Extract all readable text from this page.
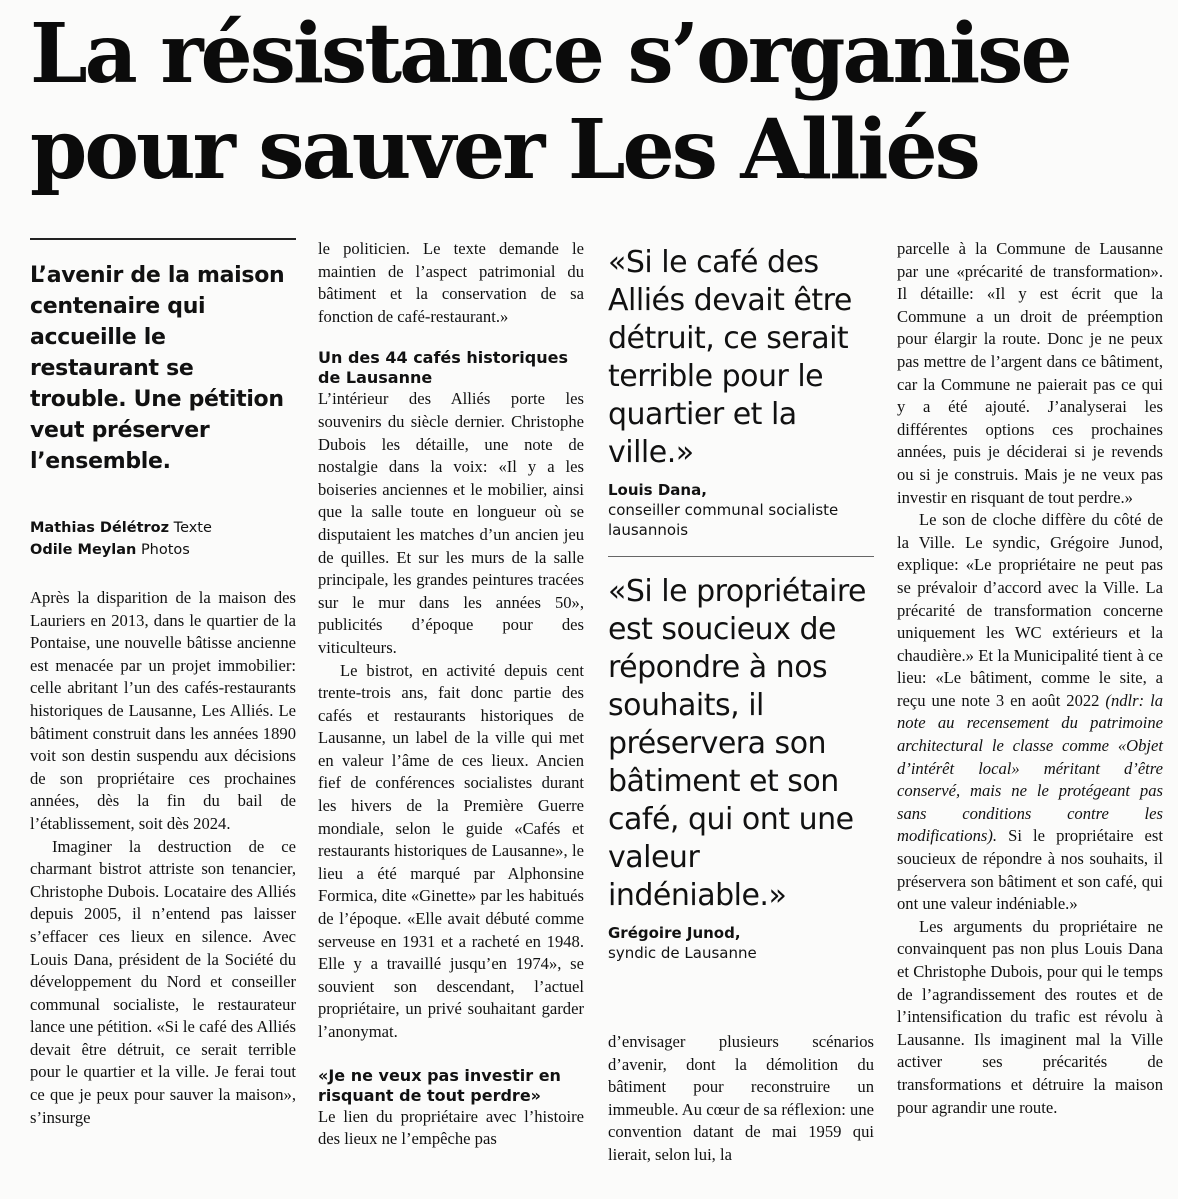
La résistance s’organise
pour sauver Les Alliés

L’avenir de la maison centenaire qui accueille le restaurant se trouble. Une pétition veut préserver l’ensemble.

Mathias Délétroz Texte
Odile Meylan Photos

Après la disparition de la maison des Lauriers en 2013, dans le quartier de la Pontaise, une nouvelle bâtisse ancienne est menacée par un projet immobilier: celle abritant l’un des cafés-restaurants historiques de Lausanne, Les Alliés. Le bâtiment construit dans les années 1890 voit son destin suspendu aux décisions de son propriétaire ces prochaines années, dès la fin du bail de l’établissement, soit dès 2024.

Imaginer la destruction de ce charmant bistrot attriste son tenancier, Christophe Dubois. Locataire des Alliés depuis 2005, il n’entend pas laisser s’effacer ces lieux en silence. Avec Louis Dana, président de la Société du développement du Nord et conseiller communal socialiste, le restaurateur lance une pétition. «Si le café des Alliés devait être détruit, ce serait terrible pour le quartier et la ville. Je ferai tout ce que je peux pour sauver la maison», s’insurge

le politicien. Le texte demande le maintien de l’aspect patrimonial du bâtiment et la conservation de sa fonction de café-restaurant.»

Un des 44 cafés historiques de Lausanne

L’intérieur des Alliés porte les souvenirs du siècle dernier. Christophe Dubois les détaille, une note de nostalgie dans la voix: «Il y a les boiseries anciennes et le mobilier, ainsi que la salle toute en longueur où se disputaient les matches d’un ancien jeu de quilles. Et sur les murs de la salle principale, les grandes peintures tracées sur le mur dans les années 50», publicités d’époque pour des viticulteurs.

Le bistrot, en activité depuis cent trente-trois ans, fait donc partie des cafés et restaurants historiques de Lausanne, un label de la ville qui met en valeur l’âme de ces lieux. Ancien fief de conférences socialistes durant les hivers de la Première Guerre mondiale, selon le guide «Cafés et restaurants historiques de Lausanne», le lieu a été marqué par Alphonsine Formica, dite «Ginette» par les habitués de l’époque. «Elle avait débuté comme serveuse en 1931 et a racheté en 1948. Elle y a travaillé jusqu’en 1974», se souvient son descendant, l’actuel propriétaire, un privé souhaitant garder l’anonymat.

«Je ne veux pas investir en risquant de tout perdre»

Le lien du propriétaire avec l’histoire des lieux ne l’empêche pas

«Si le café des Alliés devait être détruit, ce serait terrible pour le quartier et la ville.»

Louis Dana,
conseiller communal socialiste lausannois

«Si le propriétaire est soucieux de répondre à nos souhaits, il préservera son bâtiment et son café, qui ont une valeur indéniable.»

Grégoire Junod,
syndic de Lausanne

d’envisager plusieurs scénarios d’avenir, dont la démolition du bâtiment pour reconstruire un immeuble. Au cœur de sa réflexion: une convention datant de mai 1959 qui lierait, selon lui, la

parcelle à la Commune de Lausanne par une «précarité de transformation». Il détaille: «Il y est écrit que la Commune a un droit de préemption pour élargir la route. Donc je ne peux pas mettre de l’argent dans ce bâtiment, car la Commune ne paierait pas ce qui y a été ajouté. J’analyserai les différentes options ces prochaines années, puis je déciderai si je revends ou si je construis. Mais je ne veux pas investir en risquant de tout perdre.»

Le son de cloche diffère du côté de la Ville. Le syndic, Grégoire Junod, explique: «Le propriétaire ne peut pas se prévaloir d’accord avec la Ville. La précarité de transformation concerne uniquement les WC extérieurs et la chaudière.» Et la Municipalité tient à ce lieu: «Le bâtiment, comme le site, a reçu une note 3 en août 2022 (ndlr: la note au recensement du patrimoine architectural le classe comme «Objet d’intérêt local» méritant d’être conservé, mais ne le protégeant pas sans conditions contre les modifications). Si le propriétaire est soucieux de répondre à nos souhaits, il préservera son bâtiment et son café, qui ont une valeur indéniable.»

Les arguments du propriétaire ne convainquent pas non plus Louis Dana et Christophe Dubois, pour qui le temps de l’agrandissement des routes et de l’intensification du trafic est révolu à Lausanne. Ils imaginent mal la Ville activer ses précarités de transformations et détruire la maison pour agrandir une route.
